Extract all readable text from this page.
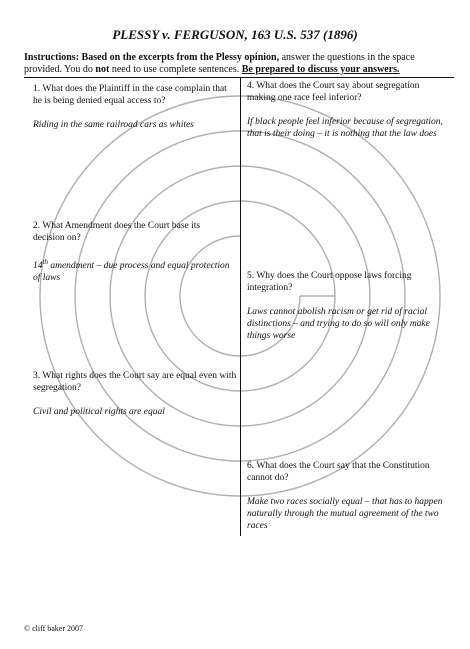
PLESSY v. FERGUSON, 163 U.S. 537 (1896)
Instructions: Based on the excerpts from the Plessy opinion, answer the questions in the space provided. You do not need to use complete sentences. Be prepared to discuss your answers.
1. What does the Plaintiff in the case complain that he is being denied equal access to?
Riding in the same railroad cars as whites
2. What Amendment does the Court base its decision on?
14th amendment – due process and equal protection of laws
3. What rights does the Court say are equal even with segregation?
Civil and political rights are equal
4. What does the Court say about segregation making one race feel inferior?
If black people feel inferior because of segregation, that is their doing – it is nothing that the law does
5. Why does the Court oppose laws forcing integration?
Laws cannot abolish racism or get rid of racial distinctions – and trying to do so will only make things worse
6. What does the Court say that the Constitution cannot do?
Make two races socially equal – that has to happen naturally through the mutual agreement of the two races
© cliff baker 2007
